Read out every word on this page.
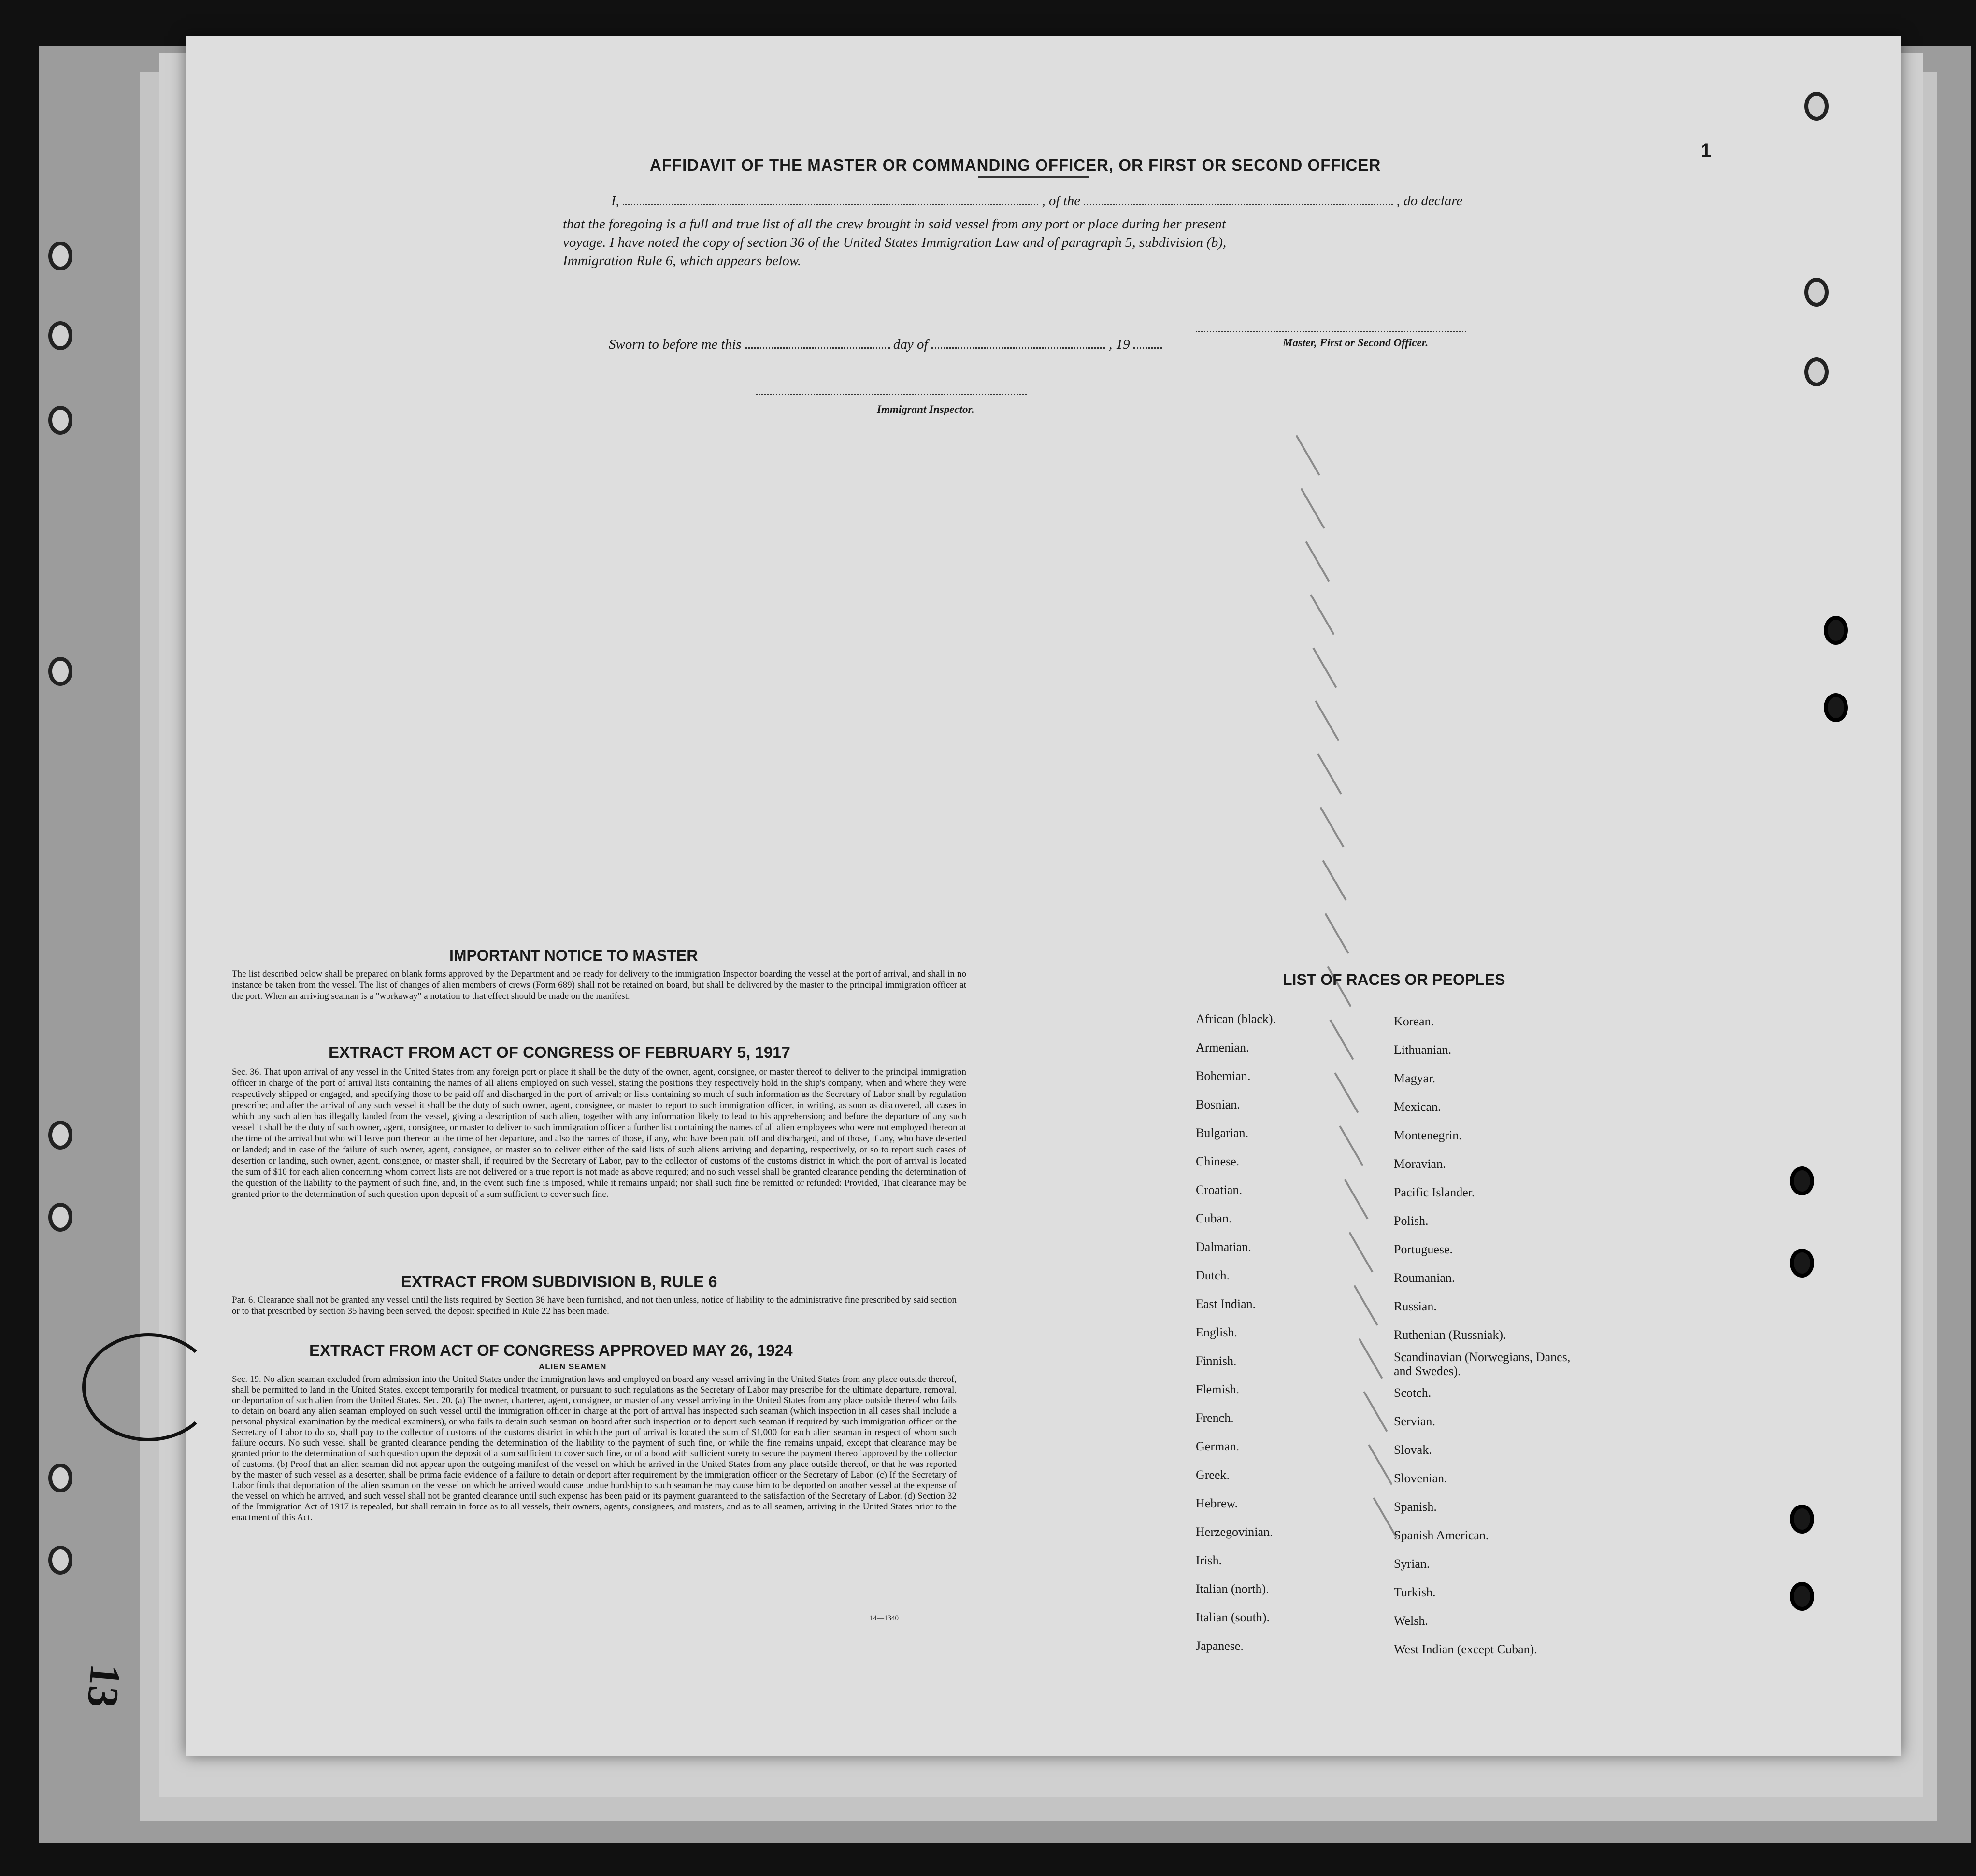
1
AFFIDAVIT OF THE MASTER OR COMMANDING OFFICER, OR FIRST OR SECOND OFFICER
I,	, of the	, do declare
that the foregoing is a full and true list of all the crew brought in said vessel from any port or place during her present
voyage. I have noted the copy of section 36 of the United States Immigration Law and of paragraph 5, subdivision (b),
Immigration Rule 6, which appears below.
Master, First or Second Officer.
Sworn to before me this	day of	, 19
Immigrant Inspector.
IMPORTANT NOTICE TO MASTER
The list described below shall be prepared on blank forms approved by the Department and be ready for delivery to the immigration Inspector boarding the vessel at the port of arrival, and shall in no instance be taken from the vessel. The list of changes of alien members of crews (Form 689) shall not be retained on board, but shall be delivered by the master to the principal immigration officer at the port. When an arriving seaman is a "workaway" a notation to that effect should be made on the manifest.
EXTRACT FROM ACT OF CONGRESS OF FEBRUARY 5, 1917
Sec. 36. That upon arrival of any vessel in the United States from any foreign port or place it shall be the duty of the owner, agent, consignee, or master thereof to deliver to the principal immigration officer in charge of the port of arrival lists containing the names of all aliens employed on such vessel, stating the positions they respectively hold in the ship's company, when and where they were respectively shipped or engaged, and specifying those to be paid off and discharged in the port of arrival; or lists containing so much of such information as the Secretary of Labor shall by regulation prescribe; and after the arrival of any such vessel it shall be the duty of such owner, agent, consignee, or master to report to such immigration officer, in writing, as soon as discovered, all cases in which any such alien has illegally landed from the vessel, giving a description of such alien, together with any information likely to lead to his apprehension; and before the departure of any such vessel it shall be the duty of such owner, agent, consignee, or master to deliver to such immigration officer a further list containing the names of all alien employees who were not employed thereon at the time of the arrival but who will leave port thereon at the time of her departure, and also the names of those, if any, who have been paid off and discharged, and of those, if any, who have deserted or landed; and in case of the failure of such owner, agent, consignee, or master so to deliver either of the said lists of such aliens arriving and departing, respectively, or so to report such cases of desertion or landing, such owner, agent, consignee, or master shall, if required by the Secretary of Labor, pay to the collector of customs of the customs district in which the port of arrival is located the sum of $10 for each alien concerning whom correct lists are not delivered or a true report is not made as above required; and no such vessel shall be granted clearance pending the determination of the question of the liability to the payment of such fine, and, in the event such fine is imposed, while it remains unpaid; nor shall such fine be remitted or refunded: Provided, That clearance may be granted prior to the determination of such question upon deposit of a sum sufficient to cover such fine.
EXTRACT FROM SUBDIVISION B, RULE 6
Par. 6. Clearance shall not be granted any vessel until the lists required by Section 36 have been furnished, and not then unless, notice of liability to the administrative fine prescribed by said section or to that prescribed by section 35 having been served, the deposit specified in Rule 22 has been made.
EXTRACT FROM ACT OF CONGRESS APPROVED MAY 26, 1924
ALIEN SEAMEN
Sec. 19. No alien seaman excluded from admission into the United States under the immigration laws and employed on board any vessel arriving in the United States from any place outside thereof, shall be permitted to land in the United States, except temporarily for medical treatment, or pursuant to such regulations as the Secretary of Labor may prescribe for the ultimate departure, removal, or deportation of such alien from the United States. Sec. 20. (a) The owner, charterer, agent, consignee, or master of any vessel arriving in the United States from any place outside thereof who fails to detain on board any alien seaman employed on such vessel until the immigration officer in charge at the port of arrival has inspected such seaman (which inspection in all cases shall include a personal physical examination by the medical examiners), or who fails to detain such seaman on board after such inspection or to deport such seaman if required by such immigration officer or the Secretary of Labor to do so, shall pay to the collector of customs of the customs district in which the port of arrival is located the sum of $1,000 for each alien seaman in respect of whom such failure occurs. No such vessel shall be granted clearance pending the determination of the liability to the payment of such fine, or while the fine remains unpaid, except that clearance may be granted prior to the determination of such question upon the deposit of a sum sufficient to cover such fine, or of a bond with sufficient surety to secure the payment thereof approved by the collector of customs. (b) Proof that an alien seaman did not appear upon the outgoing manifest of the vessel on which he arrived in the United States from any place outside thereof, or that he was reported by the master of such vessel as a deserter, shall be prima facie evidence of a failure to detain or deport after requirement by the immigration officer or the Secretary of Labor. (c) If the Secretary of Labor finds that deportation of the alien seaman on the vessel on which he arrived would cause undue hardship to such seaman he may cause him to be deported on another vessel at the expense of the vessel on which he arrived, and such vessel shall not be granted clearance until such expense has been paid or its payment guaranteed to the satisfaction of the Secretary of Labor. (d) Section 32 of the Immigration Act of 1917 is repealed, but shall remain in force as to all vessels, their owners, agents, consignees, and masters, and as to all seamen, arriving in the United States prior to the enactment of this Act.
14—1340
LIST OF RACES OR PEOPLES
African (black).
Armenian.
Bohemian.
Bosnian.
Bulgarian.
Chinese.
Croatian.
Cuban.
Dalmatian.
Dutch.
East Indian.
English.
Finnish.
Flemish.
French.
German.
Greek.
Hebrew.
Herzegovinian.
Irish.
Italian (north).
Italian (south).
Japanese.
Korean.
Lithuanian.
Magyar.
Mexican.
Montenegrin.
Moravian.
Pacific Islander.
Polish.
Portuguese.
Roumanian.
Russian.
Ruthenian (Russniak).
Scandinavian (Norwegians, Danes, and Swedes).
Scotch.
Servian.
Slovak.
Slovenian.
Spanish.
Spanish American.
Syrian.
Turkish.
Welsh.
West Indian (except Cuban).
13
